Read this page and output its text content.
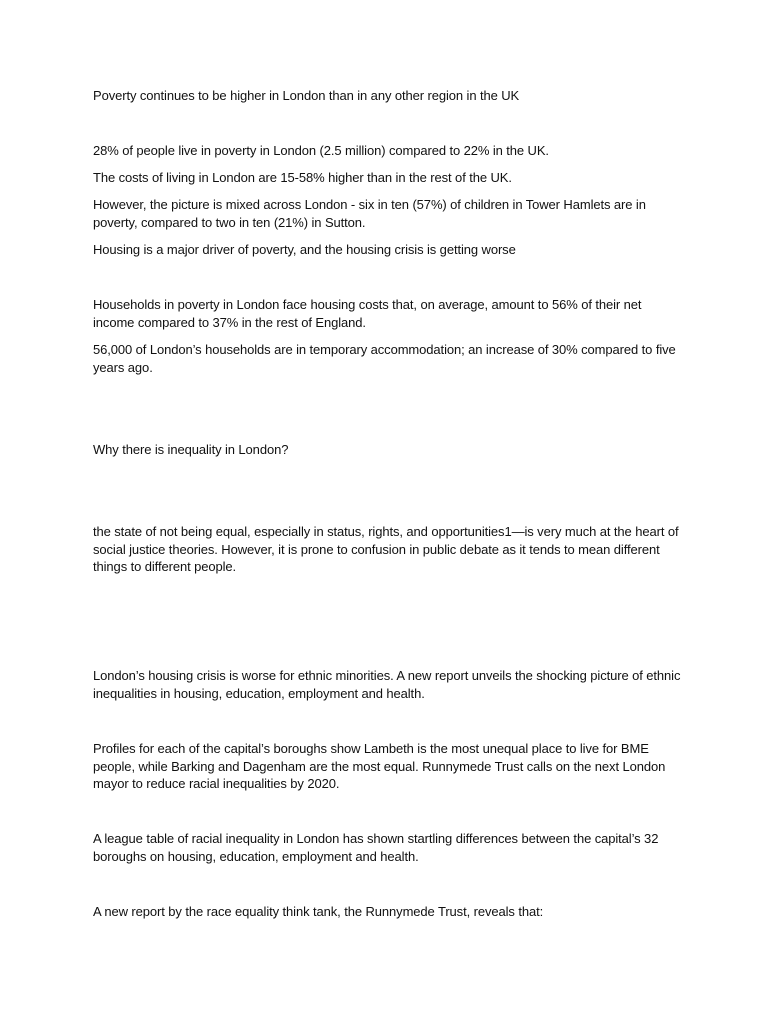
Poverty continues to be higher in London than in any other region in the UK

28% of people live in poverty in London (2.5 million) compared to 22% in the UK.

The costs of living in London are 15-58% higher than in the rest of the UK.

However, the picture is mixed across London - six in ten (57%) of children in Tower Hamlets are in poverty, compared to two in ten (21%) in Sutton.

Housing is a major driver of poverty, and the housing crisis is getting worse

Households in poverty in London face housing costs that, on average, amount to 56% of their net income compared to 37% in the rest of England.

56,000 of London’s households are in temporary accommodation; an increase of 30% compared to five years ago.

Why there is inequality in London?

the state of not being equal, especially in status, rights, and opportunities1—is very much at the heart of social justice theories. However, it is prone to confusion in public debate as it tends to mean different things to different people.

London’s housing crisis is worse for ethnic minorities. A new report unveils the shocking picture of ethnic inequalities in housing, education, employment and health.

Profiles for each of the capital’s boroughs show Lambeth is the most unequal place to live for BME people, while Barking and Dagenham are the most equal. Runnymede Trust calls on the next London mayor to reduce racial inequalities by 2020.

A league table of racial inequality in London has shown startling differences between the capital’s 32 boroughs on housing, education, employment and health.

A new report by the race equality think tank, the Runnymede Trust, reveals that:
